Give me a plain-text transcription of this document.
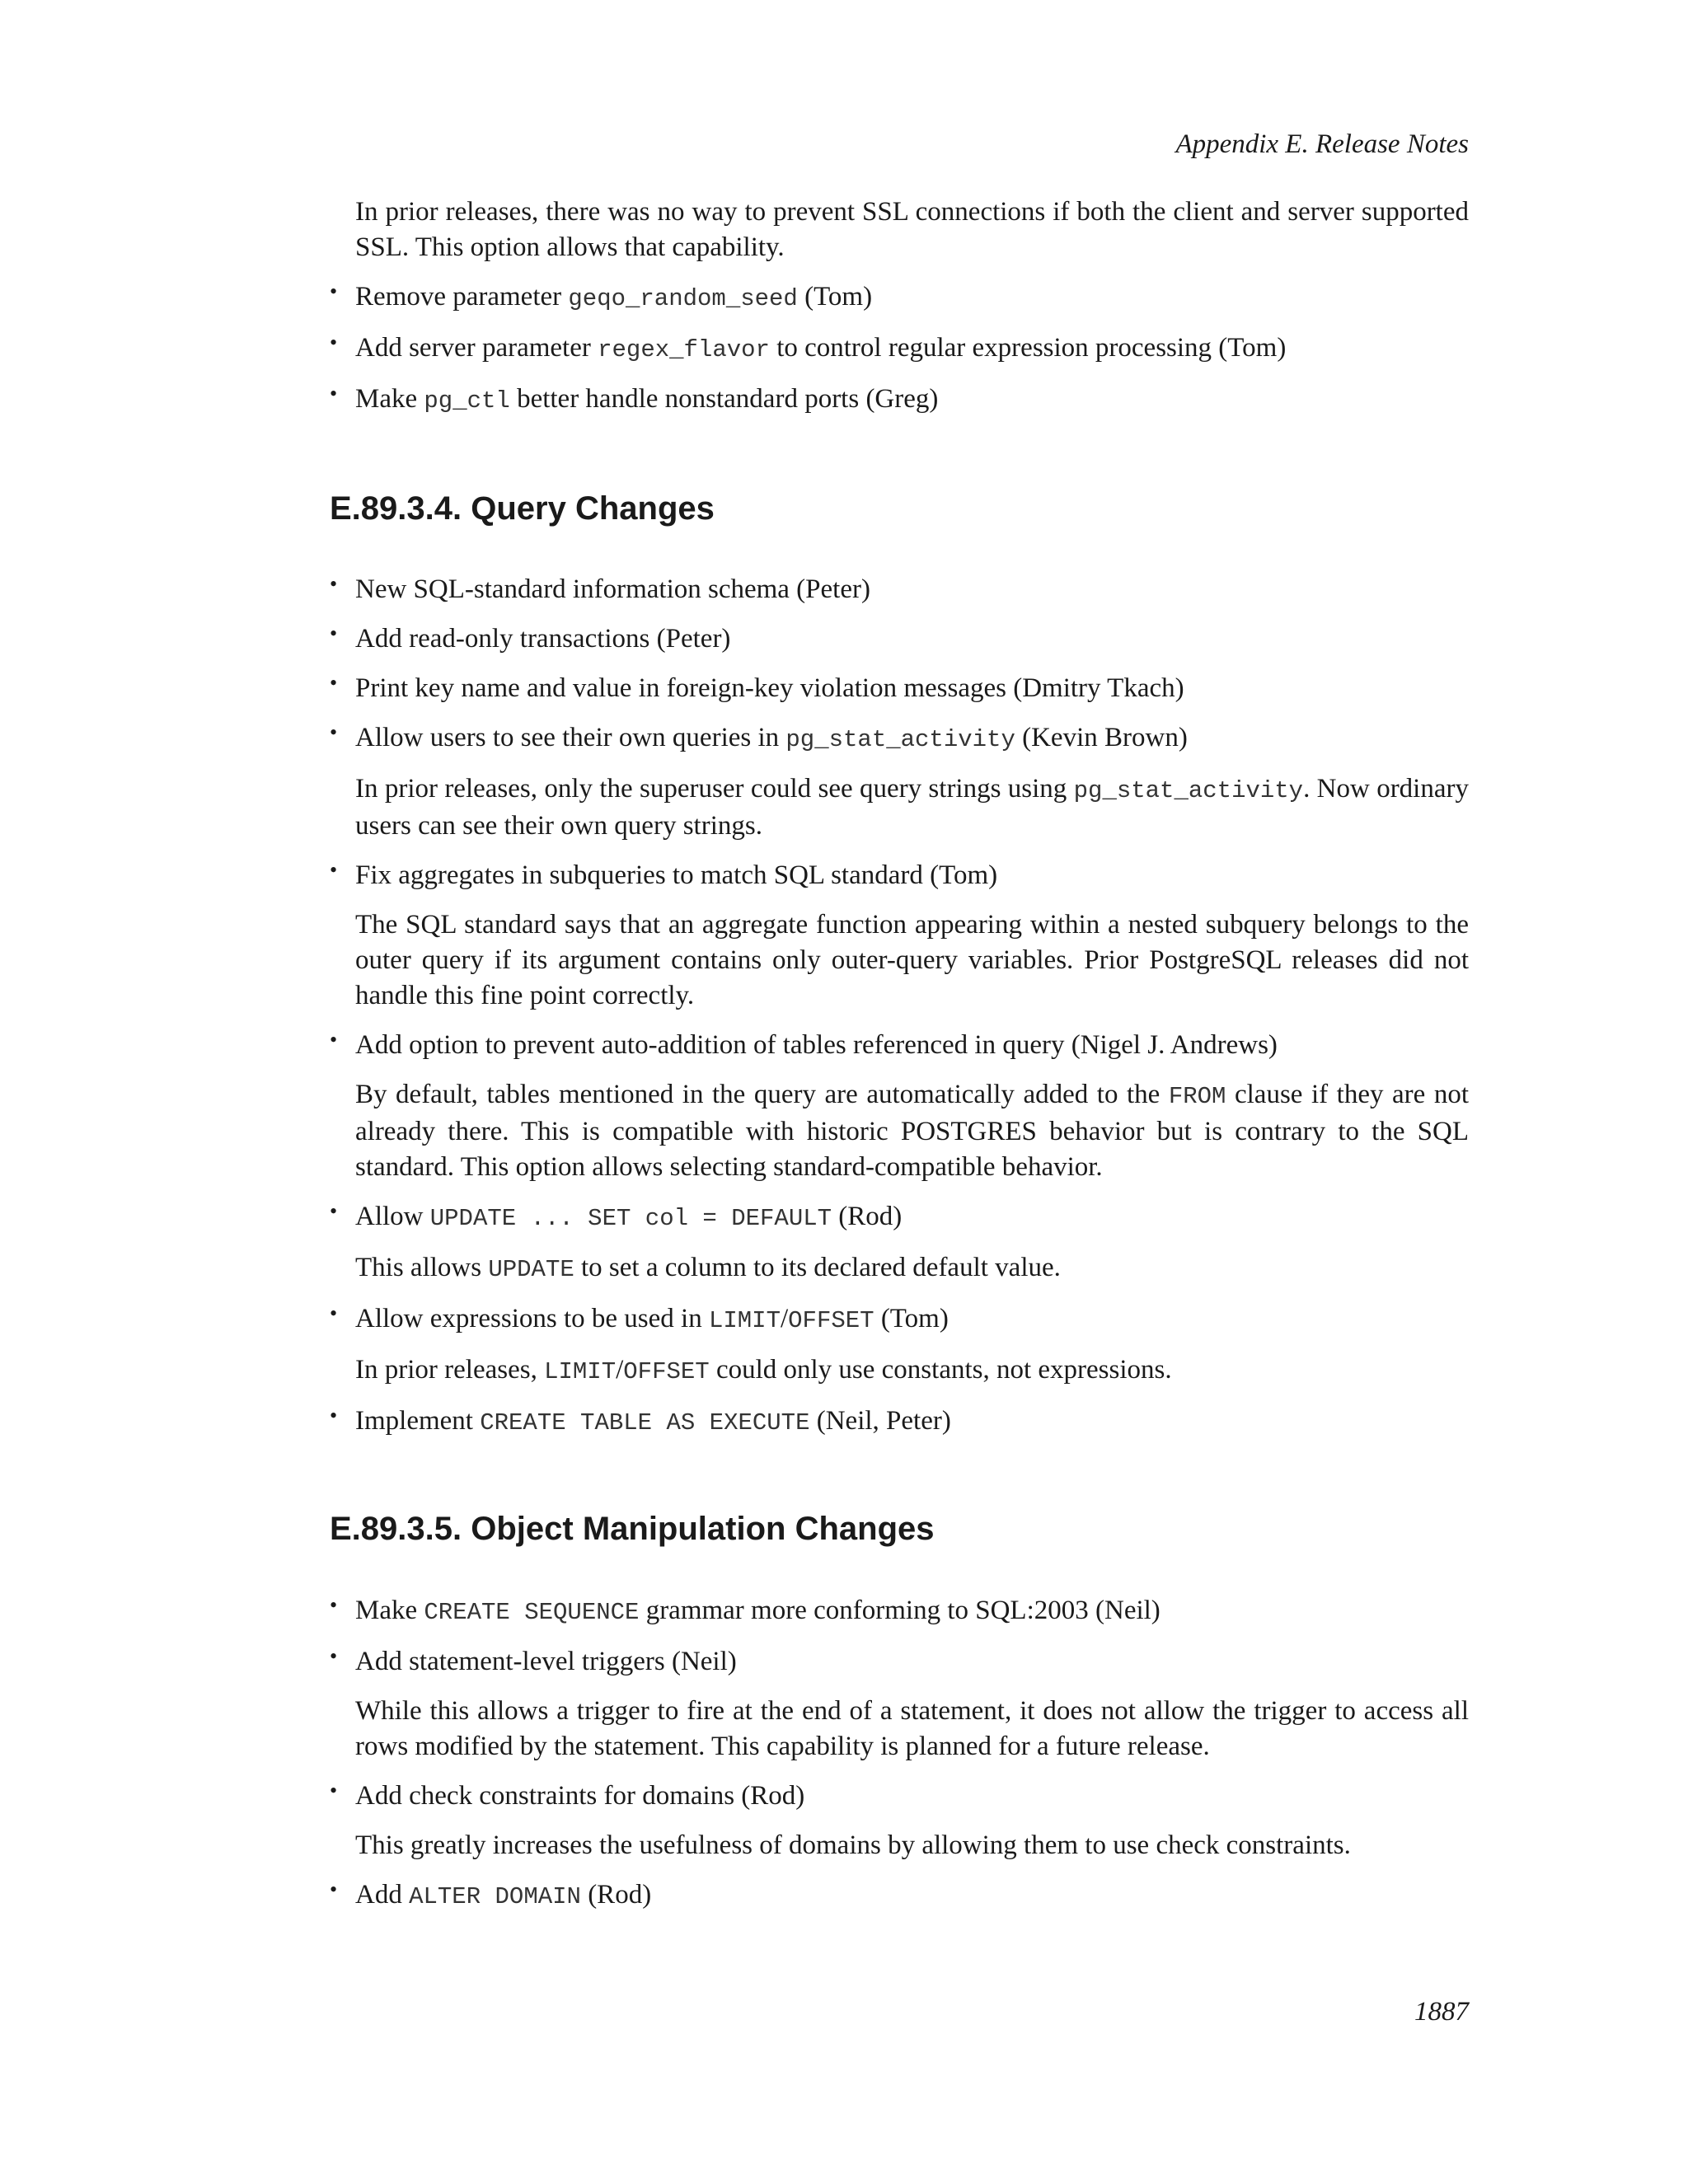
Appendix E. Release Notes

In prior releases, there was no way to prevent SSL connections if both the client and server supported SSL. This option allows that capability.

• Remove parameter geqo_random_seed (Tom)

• Add server parameter regex_flavor to control regular expression processing (Tom)

• Make pg_ctl better handle nonstandard ports (Greg)

E.89.3.4. Query Changes
• New SQL-standard information schema (Peter)

• Add read-only transactions (Peter)

• Print key name and value in foreign-key violation messages (Dmitry Tkach)

• Allow users to see their own queries in pg_stat_activity (Kevin Brown)

In prior releases, only the superuser could see query strings using pg_stat_activity. Now ordinary users can see their own query strings.

• Fix aggregates in subqueries to match SQL standard (Tom)

The SQL standard says that an aggregate function appearing within a nested subquery belongs to the outer query if its argument contains only outer-query variables. Prior PostgreSQL releases did not handle this fine point correctly.

• Add option to prevent auto-addition of tables referenced in query (Nigel J. Andrews)

By default, tables mentioned in the query are automatically added to the FROM clause if they are not already there. This is compatible with historic POSTGRES behavior but is contrary to the SQL standard. This option allows selecting standard-compatible behavior.

• Allow UPDATE ... SET col = DEFAULT (Rod)

This allows UPDATE to set a column to its declared default value.

• Allow expressions to be used in LIMIT/OFFSET (Tom)

In prior releases, LIMIT/OFFSET could only use constants, not expressions.

• Implement CREATE TABLE AS EXECUTE (Neil, Peter)

E.89.3.5. Object Manipulation Changes
• Make CREATE SEQUENCE grammar more conforming to SQL:2003 (Neil)

• Add statement-level triggers (Neil)

While this allows a trigger to fire at the end of a statement, it does not allow the trigger to access all rows modified by the statement. This capability is planned for a future release.

• Add check constraints for domains (Rod)

This greatly increases the usefulness of domains by allowing them to use check constraints.

• Add ALTER DOMAIN (Rod)

1887
